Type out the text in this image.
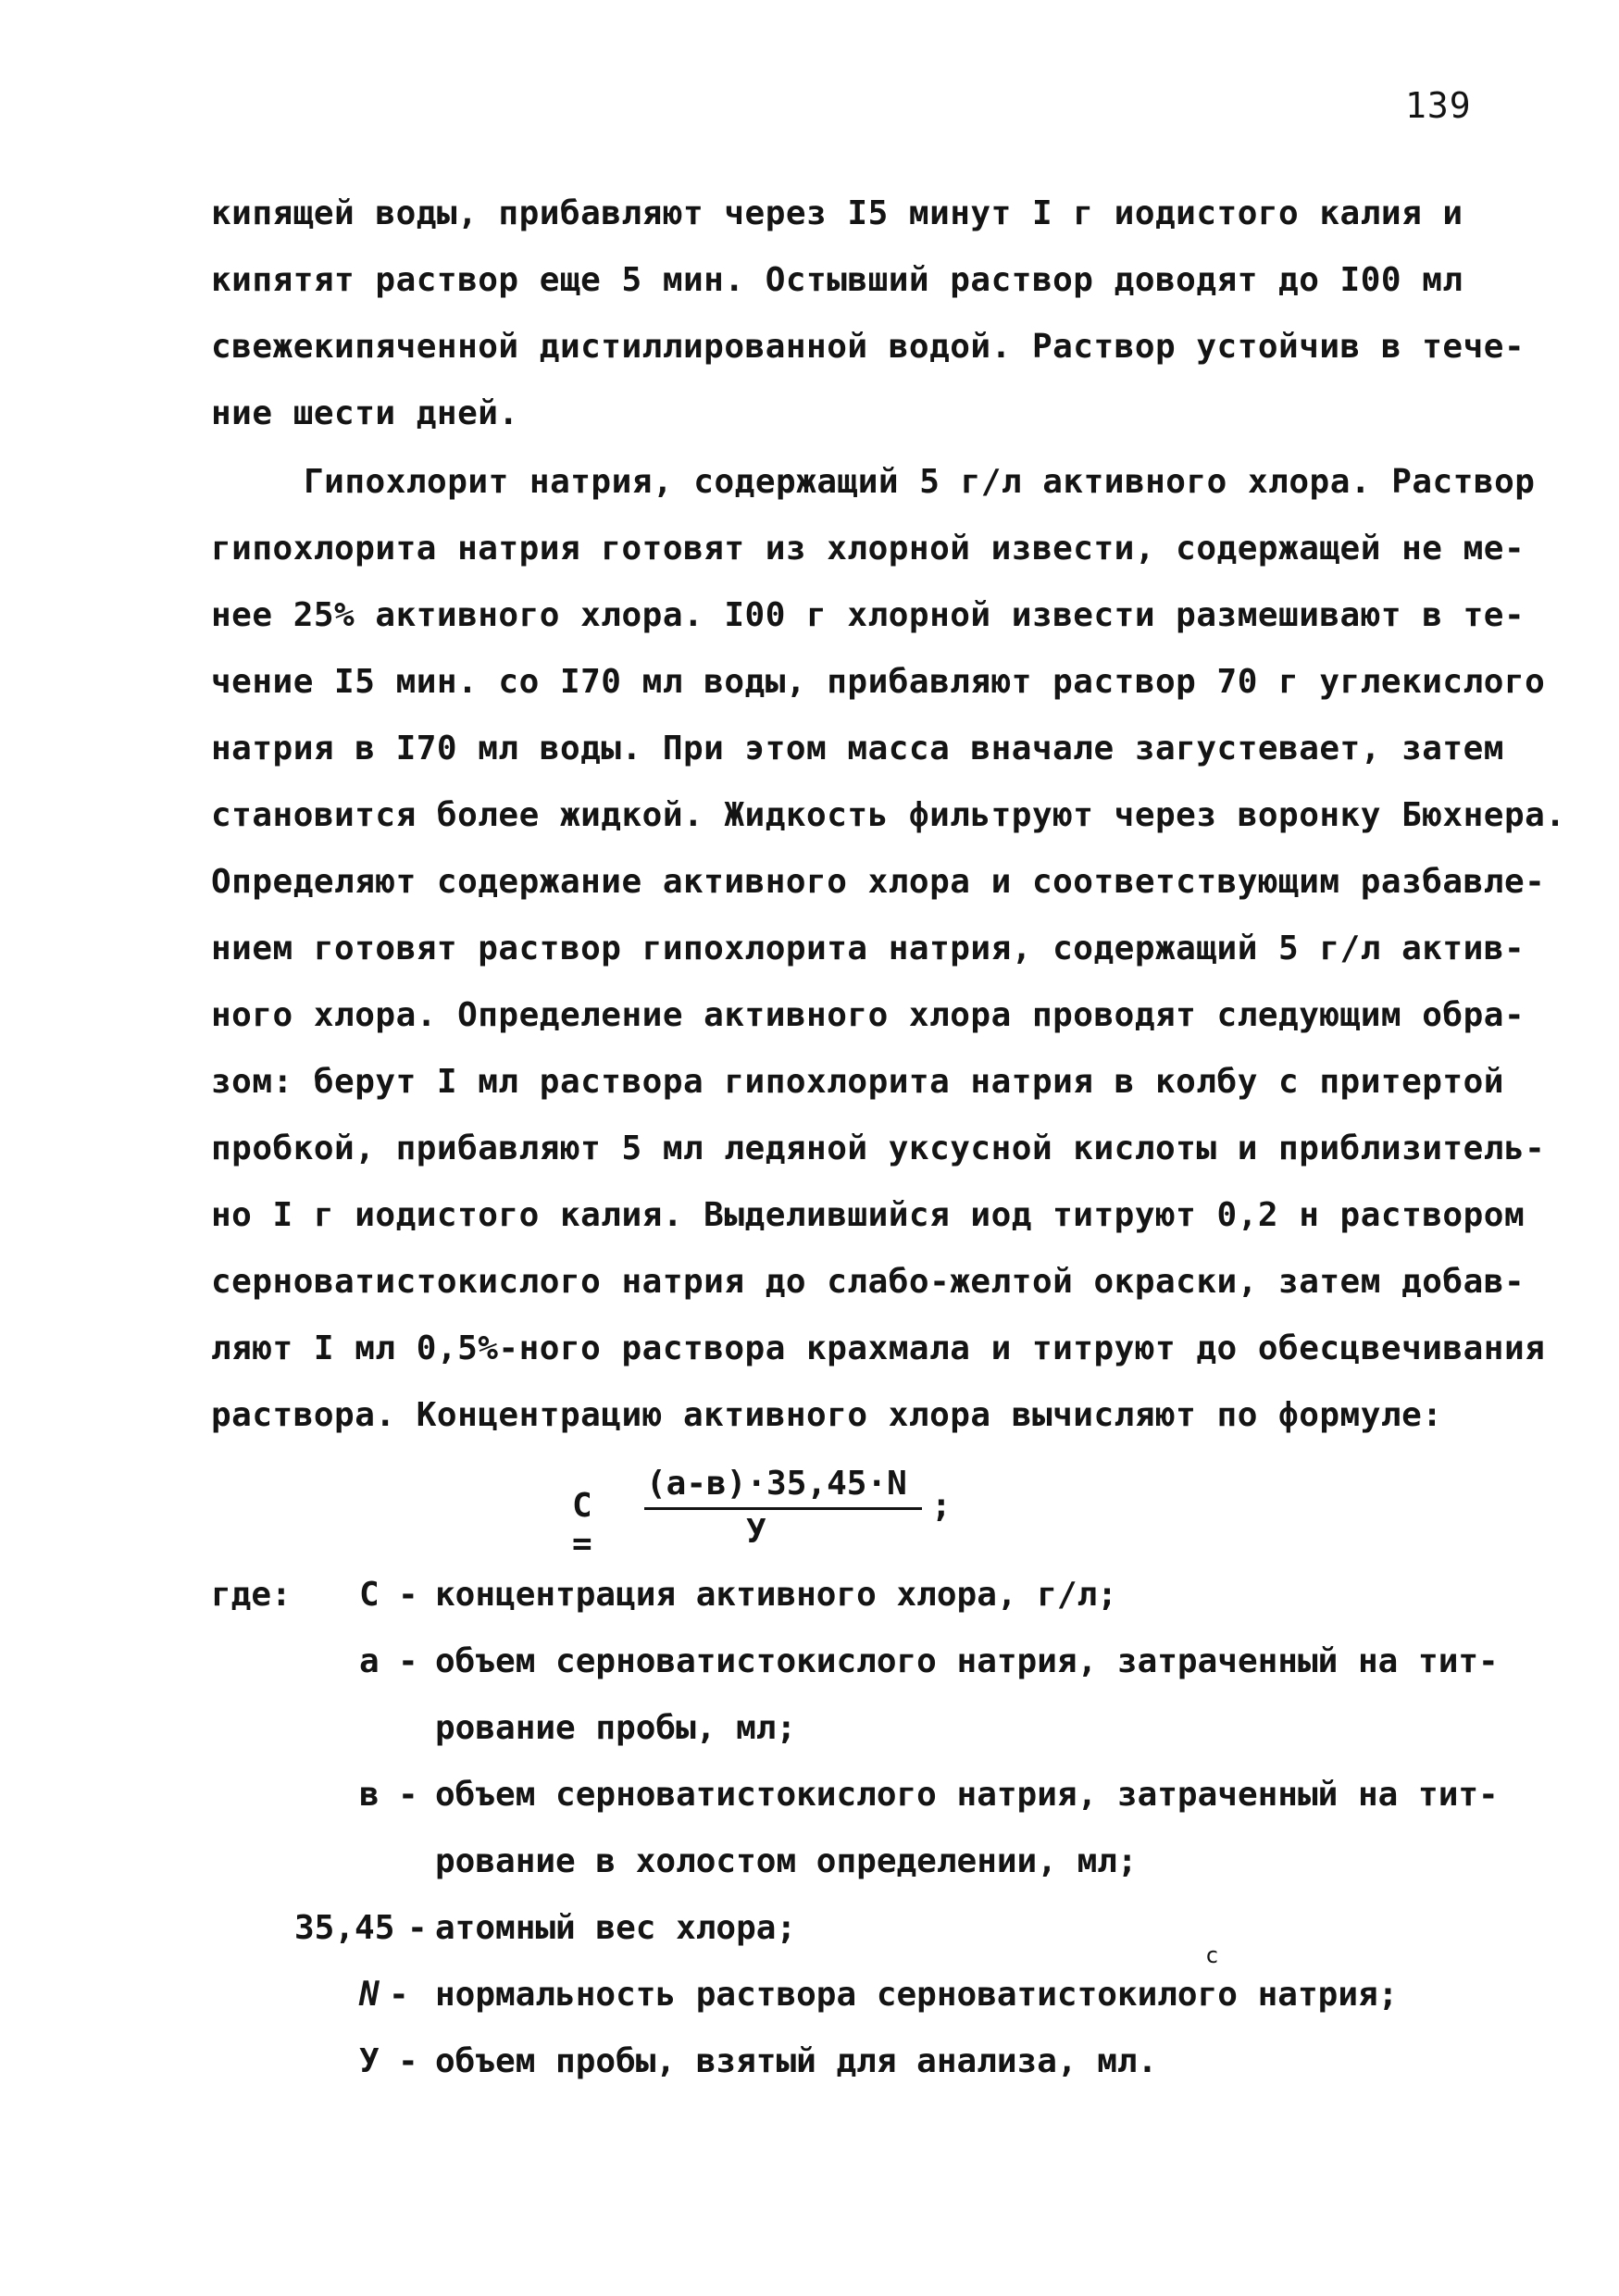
139
кипящей воды, прибавляют через I5 минут I г иодистого калия и
кипятят раствор еще 5 мин. Остывший раствор доводят до I00 мл
свежекипяченной дистиллированной водой. Раствор устойчив в тече-
ние шести дней.
Гипохлорит натрия, содержащий 5 г/л активного хлора. Раствор
гипохлорита натрия готовят из хлорной извести, содержащей не ме-
нее 25% активного хлора. I00 г хлорной извести размешивают в те-
чение I5 мин. со I70 мл воды, прибавляют раствор 70 г углекислого
натрия в I70 мл воды. При этом масса вначале загустевает, затем
становится более жидкой. Жидкость фильтруют через воронку Бюхнера.
Определяют содержание активного хлора и соответствующим разбавле-
нием готовят раствор гипохлорита натрия, содержащий 5 г/л актив-
ного хлора. Определение активного хлора проводят следующим обра-
зом: берут I мл раствора гипохлорита натрия в колбу с притертой
пробкой, прибавляют 5 мл ледяной уксусной кислоты и приблизитель-
но I г иодистого калия. Выделившийся иод титруют 0,2 н раствором
серноватистокислого натрия до слабо-желтой окраски, затем добав-
ляют I мл 0,5%-ного раствора крахмала и титруют до обесцвечивания
раствора. Концентрацию активного хлора вычисляют по формуле:
С =
(а-в)·35,45·N
У
;
где: С - концентрация активного хлора, г/л;
а - объем серноватистокислого натрия, затраченный на тит-
рование пробы, мл;
в - объем серноватистокислого натрия, затраченный на тит-
рование в холостом определении, мл;
35,45 - атомный вес хлора;
N - нормальность раствора серноватистокилого натрия;
с
У - объем пробы, взятый для анализа, мл.
